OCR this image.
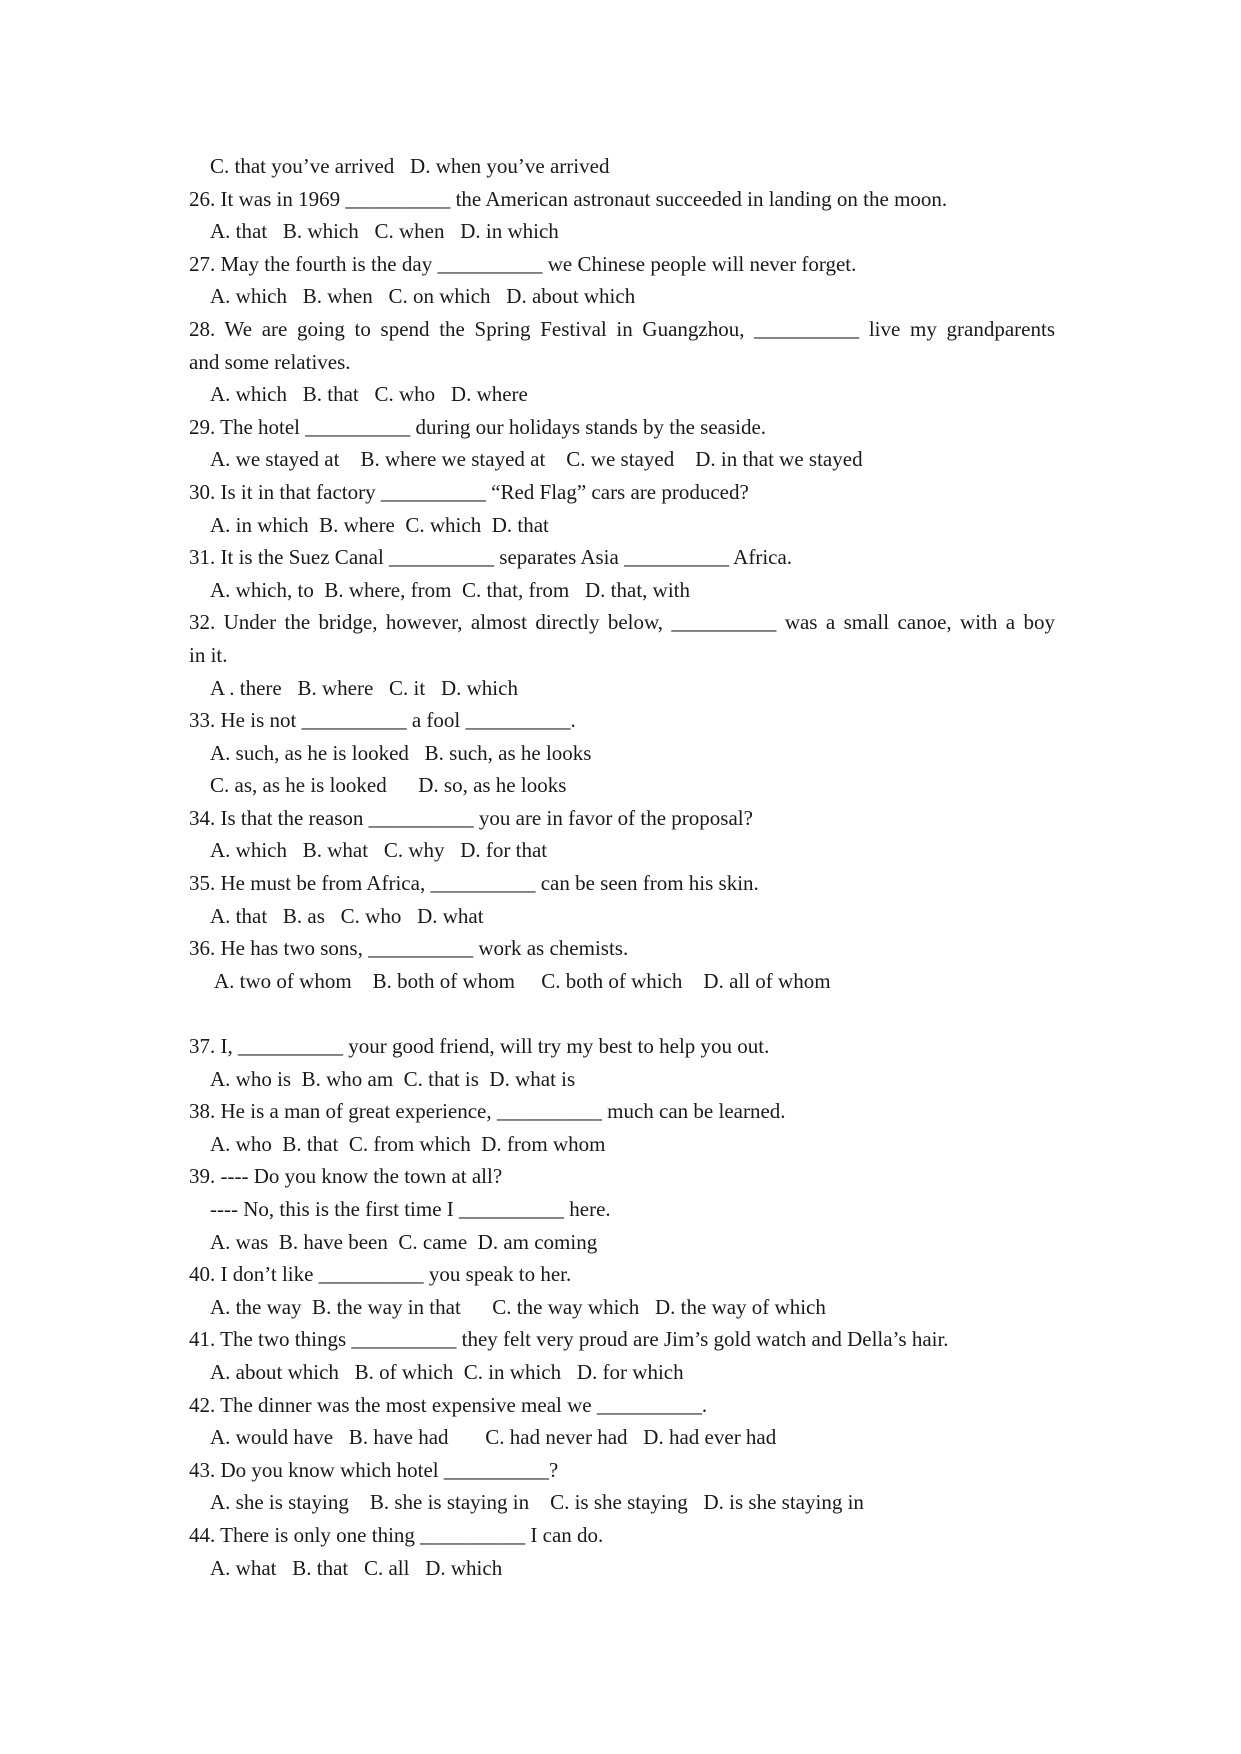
C. that you’ve arrived   D. when you’ve arrived
26. It was in 1969 __________ the American astronaut succeeded in landing on the moon.
A. that   B. which   C. when   D. in which
27. May the fourth is the day __________ we Chinese people will never forget.
A. which   B. when   C. on which   D. about which
28. We are going to spend the Spring Festival in Guangzhou, __________ live my grandparents
and some relatives.
A. which   B. that   C. who   D. where
29. The hotel __________ during our holidays stands by the seaside.
A. we stayed at    B. where we stayed at    C. we stayed    D. in that we stayed
30. Is it in that factory __________ “Red Flag” cars are produced?
A. in which  B. where  C. which  D. that
31. It is the Suez Canal __________ separates Asia __________ Africa.
A. which, to  B. where, from  C. that, from   D. that, with
32. Under the bridge, however, almost directly below, __________ was a small canoe, with a boy
in it.
A . there   B. where   C. it   D. which
33. He is not __________ a fool __________.
A. such, as he is looked   B. such, as he looks
C. as, as he is looked      D. so, as he looks
34. Is that the reason __________ you are in favor of the proposal?
A. which   B. what   C. why   D. for that
35. He must be from Africa, __________ can be seen from his skin.
A. that   B. as   C. who   D. what
36. He has two sons, __________ work as chemists.
A. two of whom    B. both of whom     C. both of which    D. all of whom
37. I, __________ your good friend, will try my best to help you out.
A. who is  B. who am  C. that is  D. what is
38. He is a man of great experience, __________ much can be learned.
A. who  B. that  C. from which  D. from whom
39. ---- Do you know the town at all?
---- No, this is the first time I __________ here.
A. was  B. have been  C. came  D. am coming
40. I don’t like __________ you speak to her.
A. the way  B. the way in that      C. the way which   D. the way of which
41. The two things __________ they felt very proud are Jim’s gold watch and Della’s hair.
A. about which   B. of which  C. in which   D. for which
42. The dinner was the most expensive meal we __________.
A. would have   B. have had       C. had never had   D. had ever had
43. Do you know which hotel __________?
A. she is staying    B. she is staying in    C. is she staying   D. is she staying in
44. There is only one thing __________ I can do.
A. what   B. that   C. all   D. which
